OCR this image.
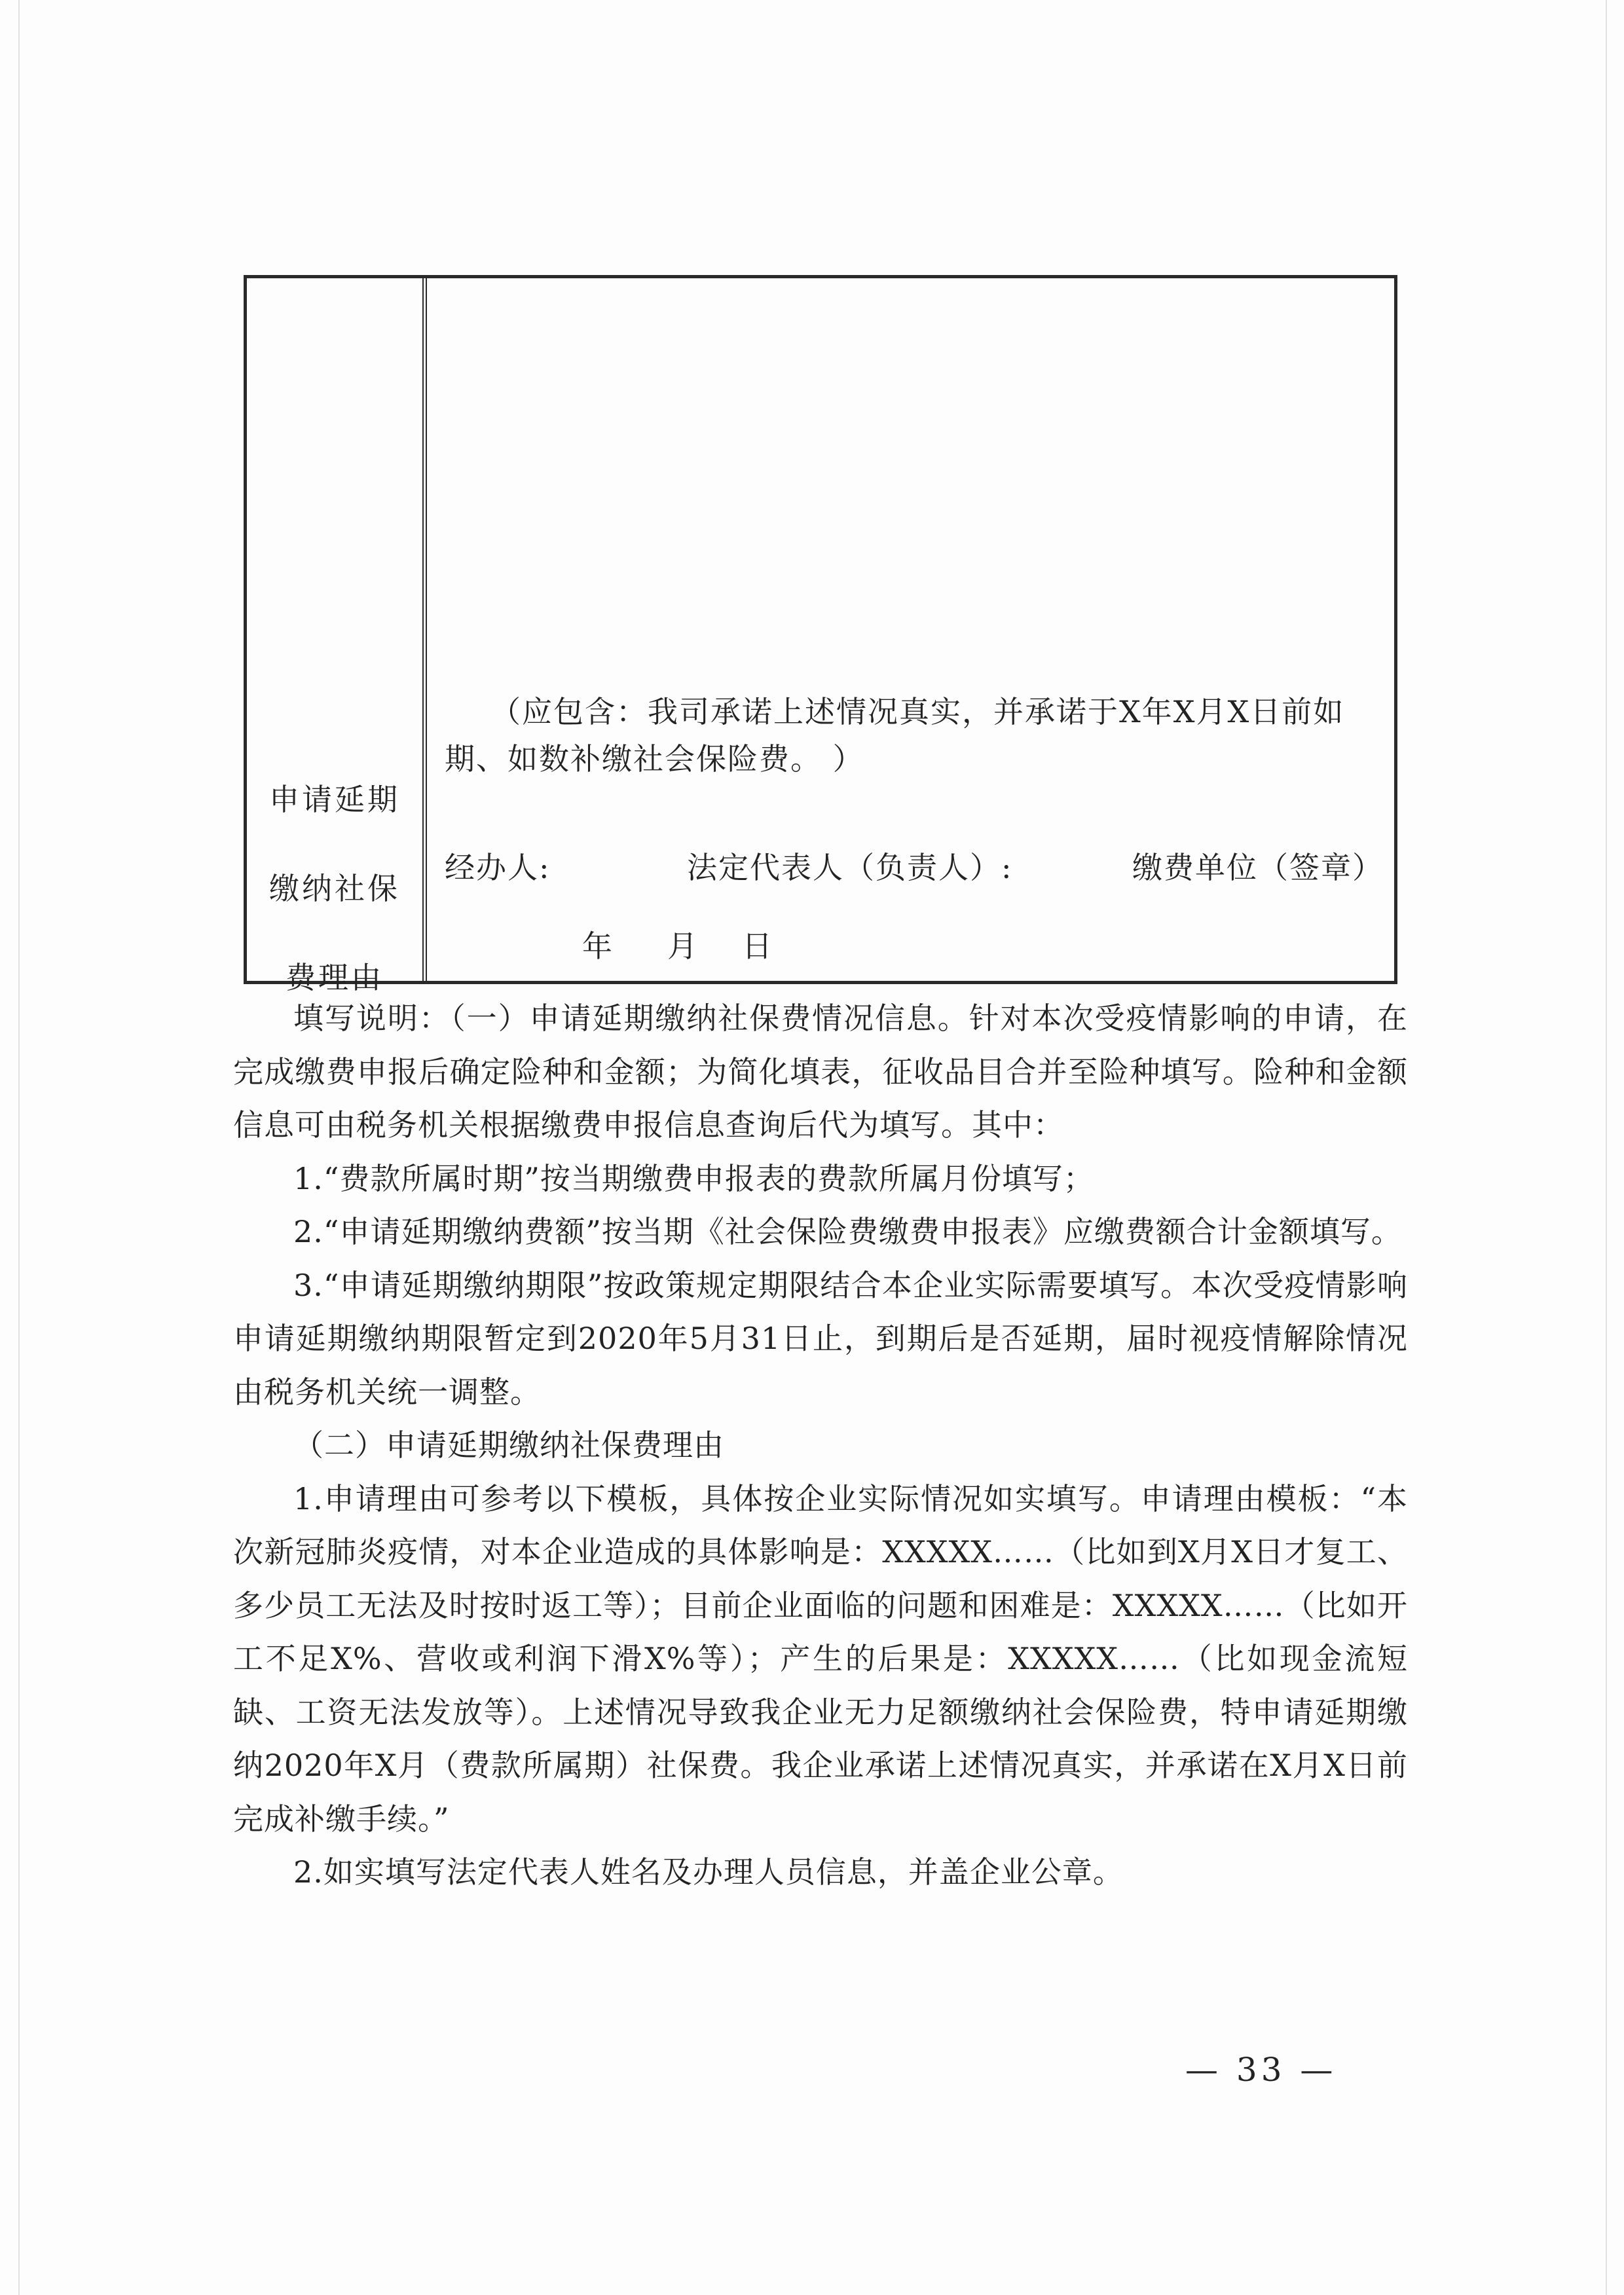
申请延期
缴纳社保
费理由

（应包含：我司承诺上述情况真实，并承诺于X年X月X日前如期、如数补缴社会保险费。 ）

经办人:	法定代表人（负责人）:	缴费单位（签章）
年 月 日

填写说明：（一）申请延期缴纳社保费情况信息。针对本次受疫情影响的申请，在完成缴费申报后确定险种和金额；为简化填表，征收品目合并至险种填写。险种和金额信息可由税务机关根据缴费申报信息查询后代为填写。其中：

1.“费款所属时期”按当期缴费申报表的费款所属月份填写；

2.“申请延期缴纳费额”按当期《社会保险费缴费申报表》应缴费额合计金额填写。

3.“申请延期缴纳期限”按政策规定期限结合本企业实际需要填写。本次受疫情影响申请延期缴纳期限暂定到2020年5月31日止，到期后是否延期，届时视疫情解除情况由税务机关统一调整。

（二）申请延期缴纳社保费理由

1.申请理由可参考以下模板，具体按企业实际情况如实填写。申请理由模板：“本次新冠肺炎疫情，对本企业造成的具体影响是：XXXXX……（比如到X月X日才复工、多少员工无法及时按时返工等）；目前企业面临的问题和困难是：XXXXX……（比如开工不足X%、营收或利润下滑X%等）；产生的后果是：XXXXX……（比如现金流短缺、工资无法发放等）。上述情况导致我企业无力足额缴纳社会保险费，特申请延期缴纳2020年X月（费款所属期）社保费。我企业承诺上述情况真实，并承诺在X月X日前完成补缴手续。”

2.如实填写法定代表人姓名及办理人员信息，并盖企业公章。

— 33 —
